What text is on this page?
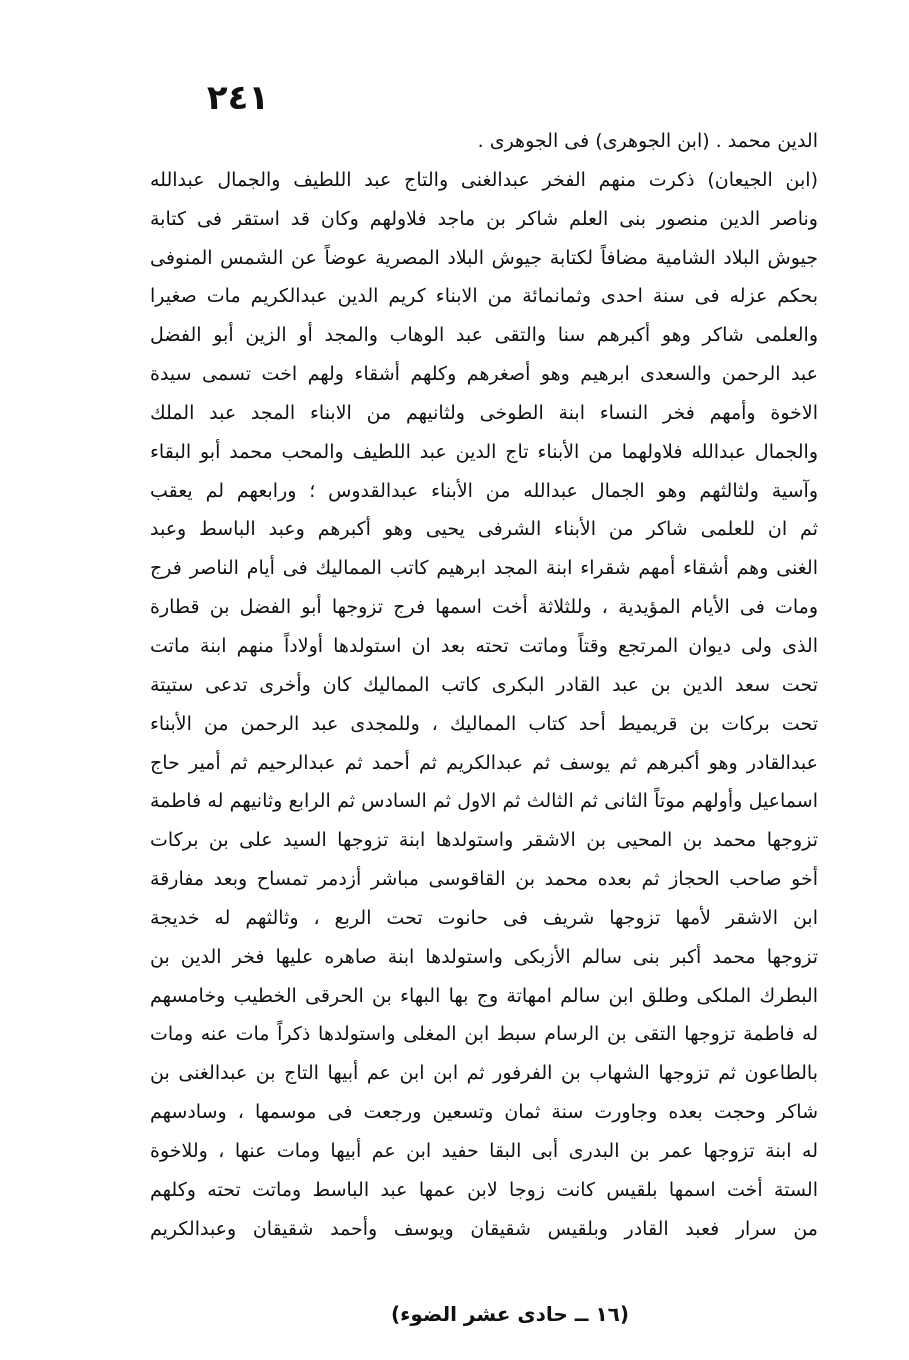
٢٤١
الدين محمد . (ابن الجوهرى) فى الجوهرى .
(ابن الجيعان) ذكرت منهم الفخر عبدالغنى والتاج عبد اللطيف والجمال عبدالله
وناصر الدين منصور بنى العلم شاكر بن ماجد فلاولهم وكان قد استقر فى كتابة
جيوش البلاد الشامية مضافاً لكتابة جيوش البلاد المصرية عوضاً عن الشمس المنوفى
بحكم عزله فى سنة احدى وثمانمائة من الابناء كريم الدين عبدالكريم مات صغيرا
والعلمى شاكر وهو أكبرهم سنا والتقى عبد الوهاب والمجد أو الزين أبو الفضل
عبد الرحمن والسعدى ابرهيم وهو أصغرهم وكلهم أشقاء ولهم اخت تسمى سيدة
الاخوة وأمهم فخر النساء ابنة الطوخى ولثانيهم من الابناء المجد عبد الملك
والجمال عبدالله فلاولهما من الأبناء تاج الدين عبد اللطيف والمحب محمد أبو البقاء
وآسية ولثالثهم وهو الجمال عبدالله من الأبناء عبدالقدوس ؛ ورابعهم لم يعقب
ثم ان للعلمى شاكر من الأبناء الشرفى يحيى وهو أكبرهم وعبد الباسط وعبد
الغنى وهم أشقاء أمهم شقراء ابنة المجد ابرهيم كاتب المماليك فى أيام الناصر فرج
ومات فى الأيام المؤيدية ، وللثلاثة أخت اسمها فرج تزوجها أبو الفضل بن قطارة
الذى ولى ديوان المرتجع وقتاً وماتت تحته بعد ان استولدها أولاداً منهم ابنة ماتت
تحت سعد الدين بن عبد القادر البكرى كاتب المماليك كان وأخرى تدعى ستيتة
تحت بركات بن قريميط أحد كتاب المماليك ، وللمجدى عبد الرحمن من الأبناء
عبدالقادر وهو أكبرهم ثم يوسف ثم عبدالكريم ثم أحمد ثم عبدالرحيم ثم أمير حاج
اسماعيل وأولهم موتاً الثانى ثم الثالث ثم الاول ثم السادس ثم الرابع وثانيهم له فاطمة
تزوجها محمد بن المحيى بن الاشقر واستولدها ابنة تزوجها السيد على بن بركات
أخو صاحب الحجاز ثم بعده محمد بن القاقوسى مباشر أزدمر تمساح وبعد مفارقة
ابن الاشقر لأمها تزوجها شريف فى حانوت تحت الربع ، وثالثهم له خديجة
تزوجها محمد أكبر بنى سالم الأزبكى واستولدها ابنة صاهره عليها فخر الدين بن
البطرك الملكى وطلق ابن سالم امهاتة وج بها البهاء بن الحرقى الخطيب وخامسهم
له فاطمة تزوجها التقى بن الرسام سبط ابن المغلى واستولدها ذكراً مات عنه ومات
بالطاعون ثم تزوجها الشهاب بن الفرفور ثم ابن ابن عم أبيها التاج بن عبدالغنى بن
شاكر وحجت بعده وجاورت سنة ثمان وتسعين ورجعت فى موسمها ، وسادسهم
له ابنة تزوجها عمر بن البدرى أبى البقا حفيد ابن عم أبيها ومات عنها ، وللاخوة
الستة أخت اسمها بلقيس كانت زوجا لابن عمها عبد الباسط وماتت تحته وكلهم
من سرار فعبد القادر وبلقيس شقيقان ويوسف وأحمد شقيقان وعبدالكريم
(١٦ ــ حادى عشر الضوء)
